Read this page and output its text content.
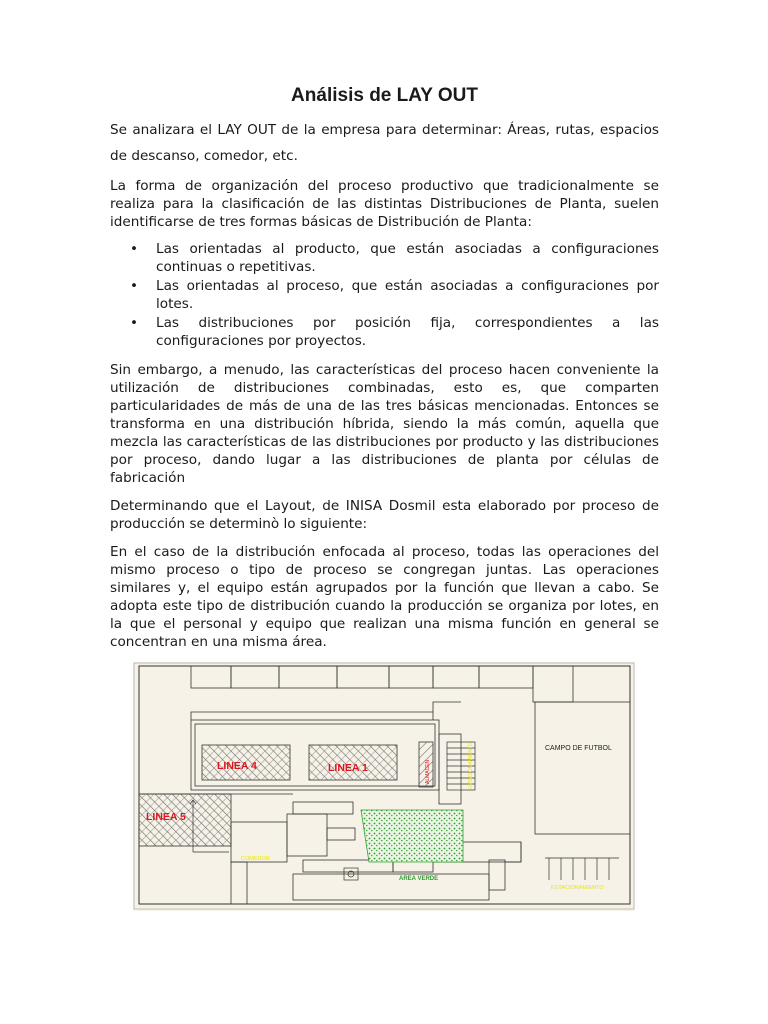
Análisis de LAY OUT

Se analizara el LAY OUT de la empresa para determinar: Áreas, rutas, espacios de descanso, comedor, etc.

La forma de organización del proceso productivo que tradicionalmente se realiza para la clasificación de las distintas Distribuciones de Planta, suelen identificarse de tres formas básicas de Distribución de Planta:

• Las orientadas al producto, que están asociadas a configuraciones continuas o repetitivas.
• Las orientadas al proceso, que están asociadas a configuraciones por lotes.
• Las distribuciones por posición fija, correspondientes a las configuraciones por proyectos.

Sin embargo, a menudo, las características del proceso hacen conveniente la utilización de distribuciones combinadas, esto es, que comparten particularidades de más de una de las tres básicas mencionadas. Entonces se transforma en una distribución híbrida, siendo la más común, aquella que mezcla las características de las distribuciones por producto y las distribuciones por proceso, dando lugar a las distribuciones de planta por células de fabricación

Determinando que el Layout, de INISA Dosmil esta elaborado por proceso de producción se determinò lo siguiente:

En el caso de la distribución enfocada al proceso, todas las operaciones del mismo proceso o tipo de proceso se congregan juntas. Las operaciones similares y, el equipo están agrupados por la función que llevan a cabo. Se adopta este tipo de distribución cuando la producción se organiza por lotes, en la que el personal y equipo que realizan una misma función en general se concentran en una misma área.

LINEA 4	LINEA 1	ALMACEN	ESTACIONAMIENTO
LINEA 5
COMEDOR
AREA VERDE
CAMPO DE FUTBOL
ESTACIONAMIENTO
